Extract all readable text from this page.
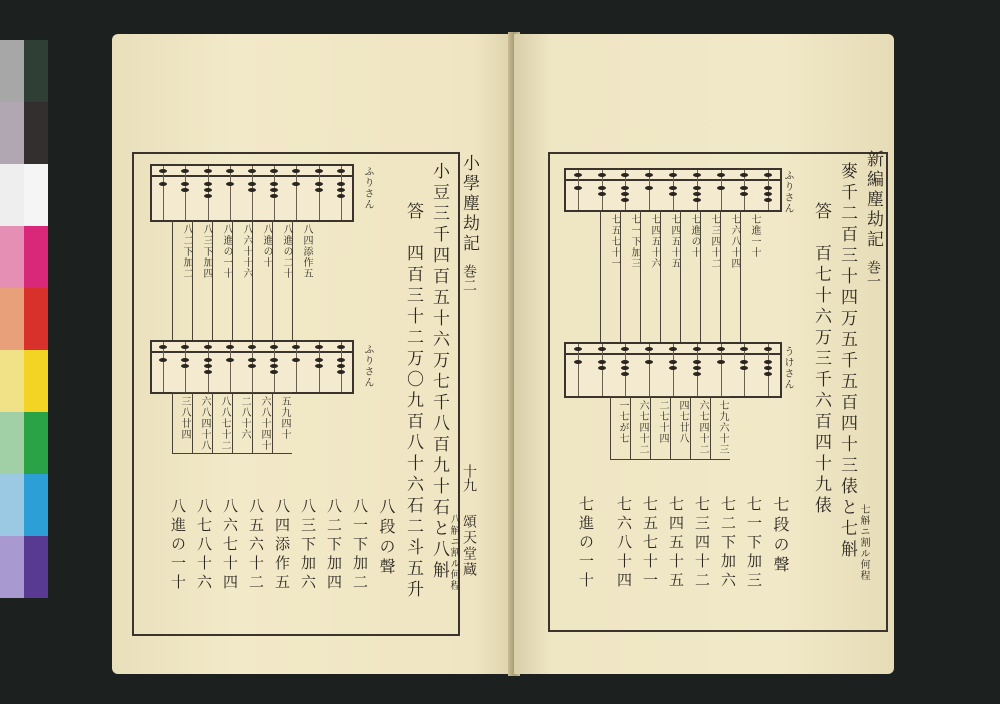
小學塵劫記
巻二
十九
頌天堂蔵
小豆三千四百五十六万七千八百九十石と八斛
答　四百三十二万〇九百八十六石二斗五升	八斛ニ割ル何程
ふりさん
八四添作五
八進の二十
八進の十
八六十十六
八進の一十
八三下加四
八二下加二
ふりさん
五九四十
六八十四十
二八十六
八八七十二
六八四十八
三八廿四
八段の聲
八一下加二
八二下加四
八三下加六
八四添作五
八五六十二
八六七十四
八七八十六
八進の一十
新編塵劫記
巻一
麥千二百三十四万五千五百四十三俵と七斛
答　百七十六万三千六百四十九俵
七斛ニ割ル何程
ふりさん
七進一十
七六八十四
七三四十二
七進の十
七四五十五
七四五十六
七一下加三
七五七十一
うけさん
七九六十三
六七四十二
四七廿八
二七十四
六七四十二
一七が七
七段の聲
七一下加三
七二下加六
七三四十二
七四五十五
七五七十一
七六八十四
七進の一十
